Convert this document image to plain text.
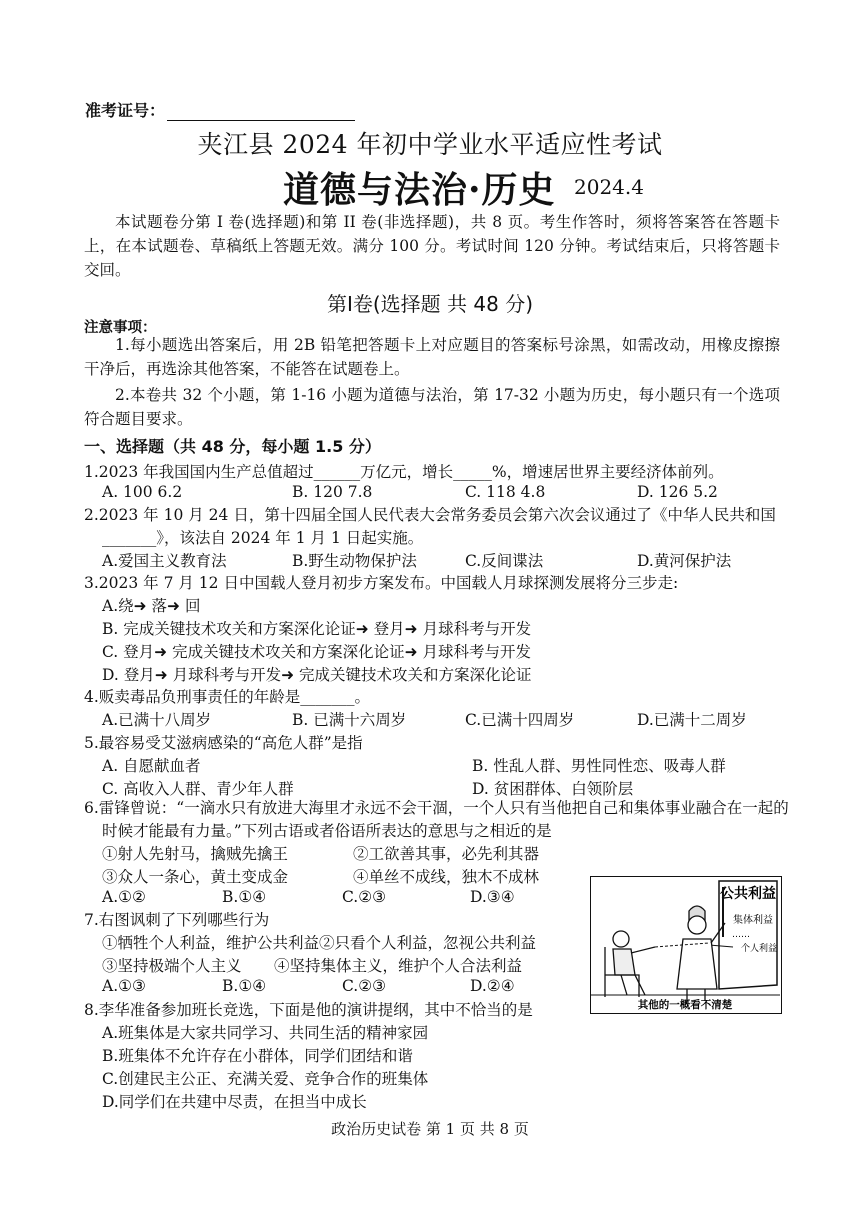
准考证号：
夹江县 2024 年初中学业水平适应性考试
道德与法治·历史 2024.4
本试题卷分第 I 卷(选择题)和第 II 卷(非选择题)，共 8 页。考生作答时，须将答案答在答题卡上，在本试题卷、草稿纸上答题无效。满分 100 分。考试时间 120 分钟。考试结束后，只将答题卡交回。
第Ⅰ卷(选择题 共 48 分)
注意事项：
1.每小题选出答案后，用 2B 铅笔把答题卡上对应题目的答案标号涂黑，如需改动，用橡皮擦擦干净后，再选涂其他答案，不能答在试题卷上。
2.本卷共 32 个小题，第 1-16 小题为道德与法治，第 17-32 小题为历史，每小题只有一个选项符合题目要求。
一、选择题（共 48 分，每小题 1.5 分）
1.2023 年我国国内生产总值超过______万亿元，增长_____%，增速居世界主要经济体前列。
A. 100 6.2	B. 120 7.8	C. 118 4.8	D. 126 5.2
2.2023 年 10 月 24 日，第十四届全国人民代表大会常务委员会第六次会议通过了《中华人民共和国_______》，该法自 2024 年 1 月 1 日起实施。
A.爱国主义教育法	B.野生动物保护法	C.反间谍法	D.黄河保护法
3.2023 年 7 月 12 日中国载人登月初步方案发布。中国载人月球探测发展将分三步走:
A.绕➜ 落➜ 回
B. 完成关键技术攻关和方案深化论证➜ 登月➜ 月球科考与开发
C. 登月➜ 完成关键技术攻关和方案深化论证➜ 月球科考与开发
D. 登月➜ 月球科考与开发➜ 完成关键技术攻关和方案深化论证
4.贩卖毒品负刑事责任的年龄是_______。
A.已满十八周岁	B. 已满十六周岁	C.已满十四周岁	D.已满十二周岁
5.最容易受艾滋病感染的“高危人群”是指
A. 自愿献血者	B. 性乱人群、男性同性恋、吸毒人群
C. 高收入人群、青少年人群	D. 贫困群体、白领阶层
6.雷锋曾说：“一滴水只有放进大海里才永远不会干涸，一个人只有当他把自己和集体事业融合在一起的时候才能最有力量。”下列古语或者俗语所表达的意思与之相近的是
①射人先射马，擒贼先擒王	②工欲善其事，必先利其器
③众人一条心，黄土变成金	④单丝不成线，独木不成林
A.①②	B.①④	C.②③	D.③④
7.右图讽刺了下列哪些行为
①牺牲个人利益，维护公共利益②只看个人利益，忽视公共利益
③坚持极端个人主义 ④坚持集体主义，维护个人合法利益
A.①③	B.①④	C.②③	D.②④
8.李华准备参加班长竞选，下面是他的演讲提纲，其中不恰当的是
A.班集体是大家共同学习、共同生活的精神家园
B.班集体不允许存在小群体，同学们团结和谐
C.创建民主公正、充满关爱、竞争合作的班集体
D.同学们在共建中尽责，在担当中成长
公共利益
集体利益
……
个人利益
其他的一概看不清楚
政治历史试卷 第 1 页 共 8 页
